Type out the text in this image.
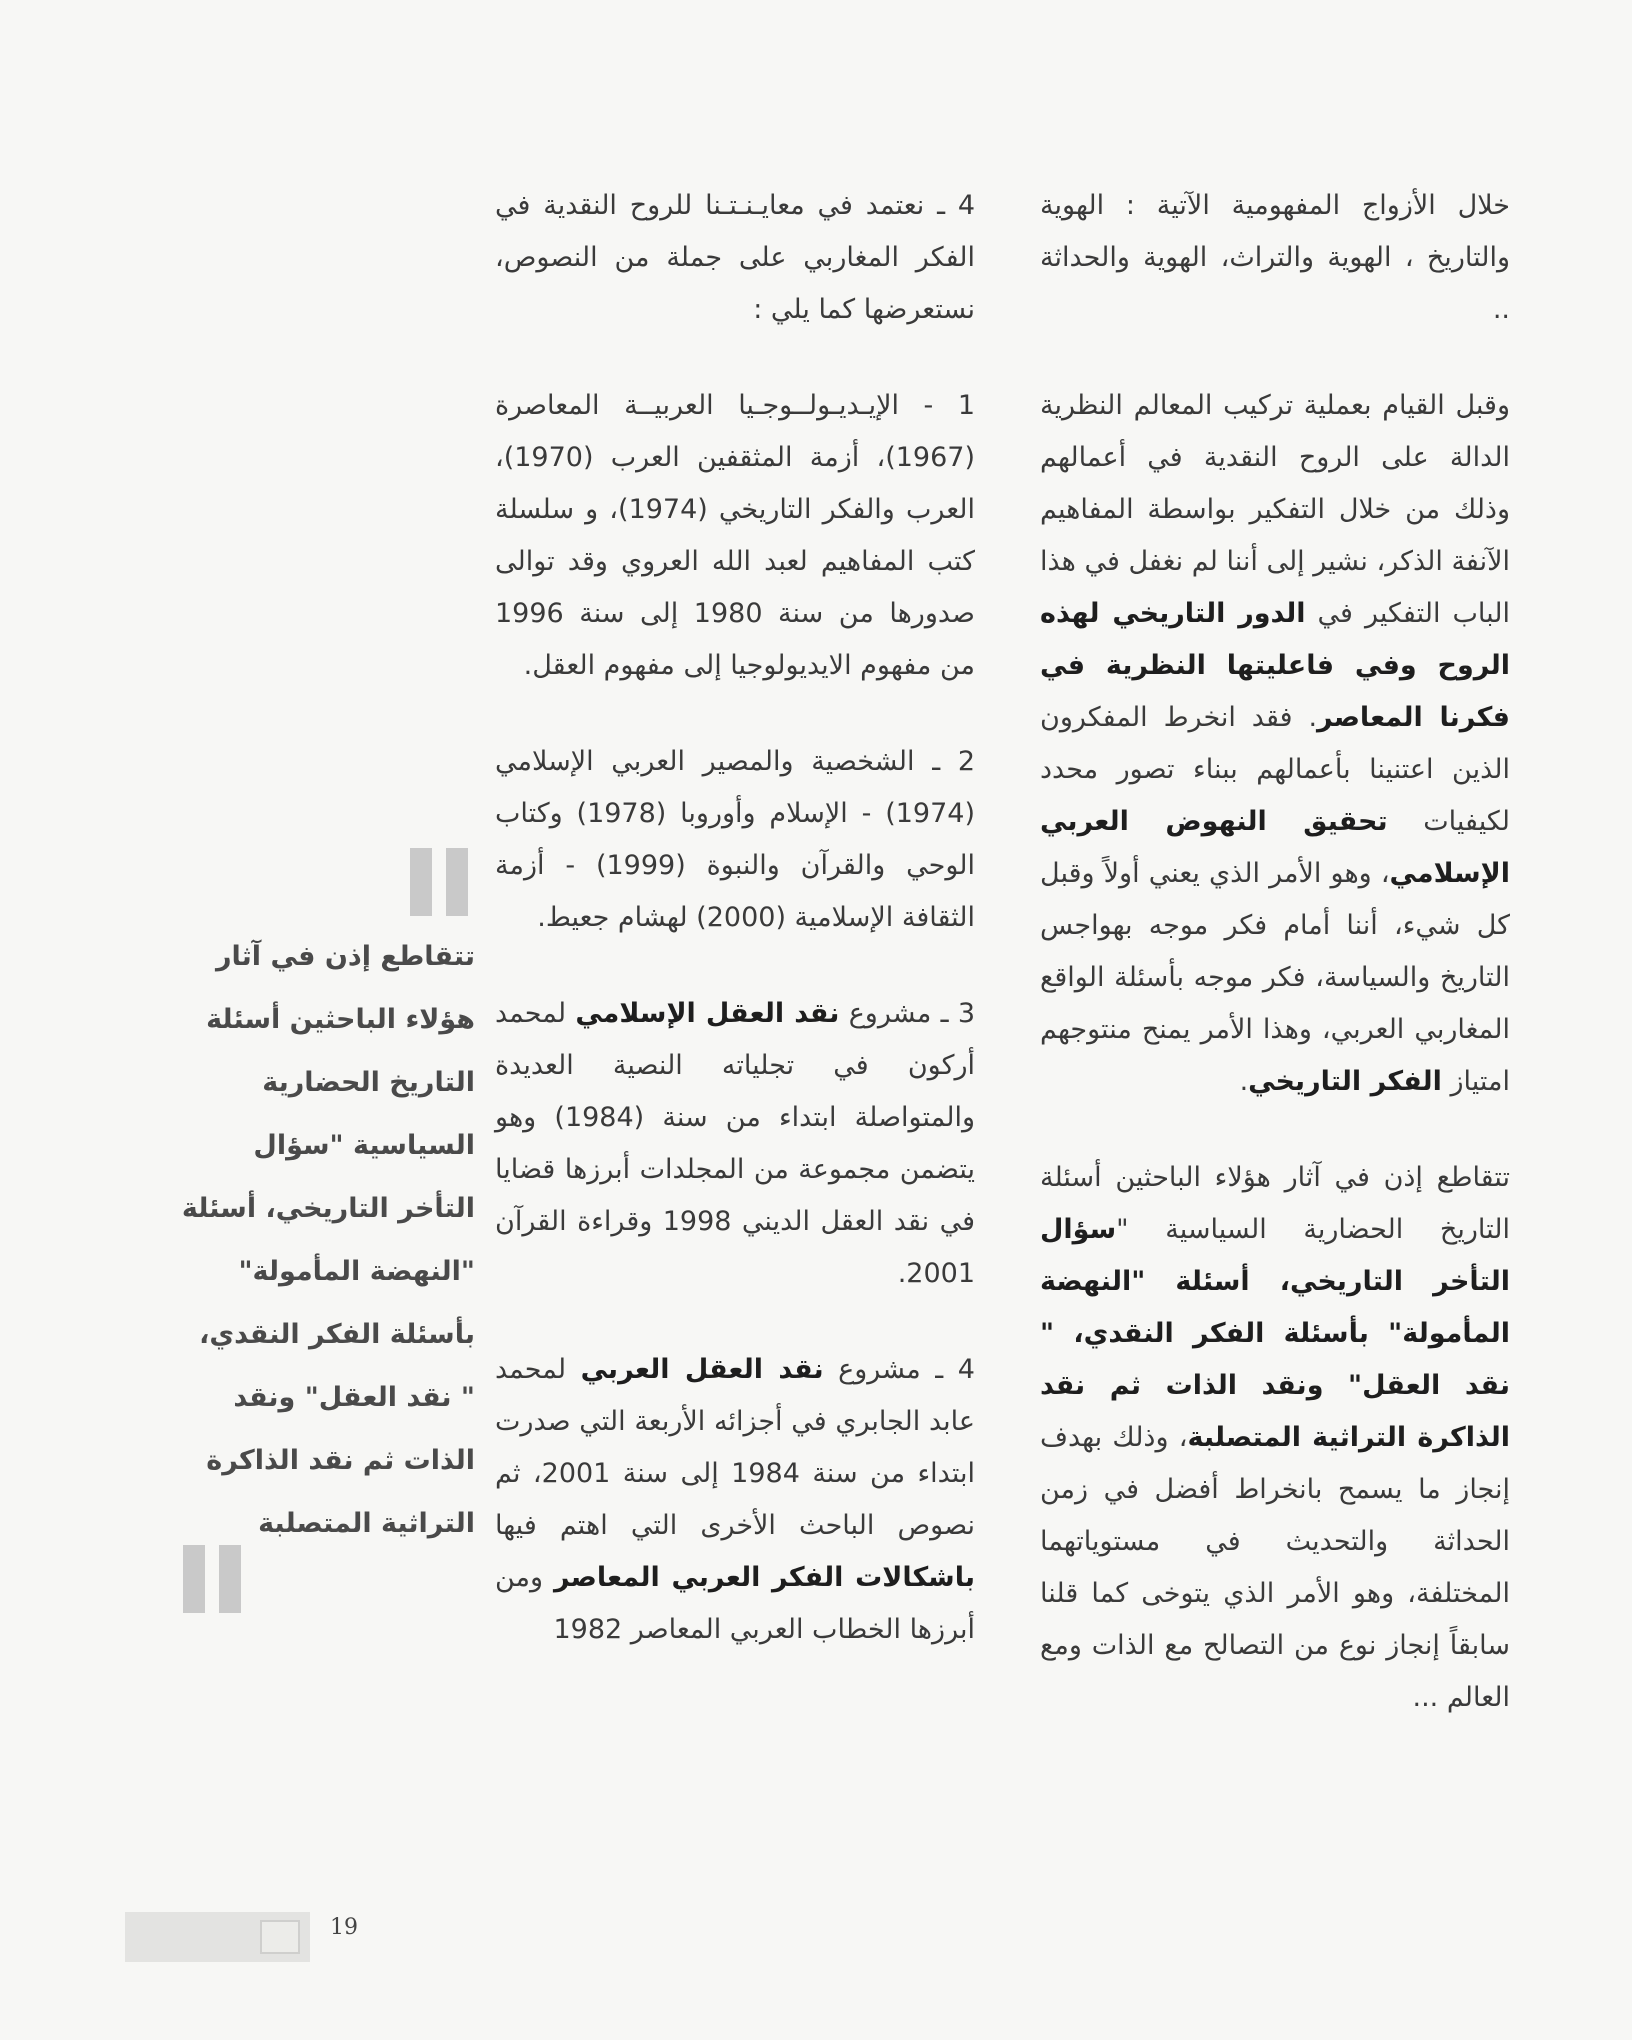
خلال الأزواج المفهومية الآتية : الهوية والتاريخ ، الهوية والتراث، الهوية والحداثة ..

وقبل القيام بعملية تركيب المعالم النظرية الدالة على الروح النقدية في أعمالهم وذلك من خلال التفكير بواسطة المفاهيم الآنفة الذكر، نشير إلى أننا لم نغفل في هذا الباب التفكير في الدور التاريخي لهذه الروح وفي فاعليتها النظرية في فكرنا المعاصر. فقد انخرط المفكرون الذين اعتنينا بأعمالهم ببناء تصور محدد لكيفيات تحقيق النهوض العربي الإسلامي، وهو الأمر الذي يعني أولاً وقبل كل شيء، أننا أمام فكر موجه بهواجس التاريخ والسياسة، فكر موجه بأسئلة الواقع المغاربي العربي، وهذا الأمر يمنح منتوجهم امتياز الفكر التاريخي.

تتقاطع إذن في آثار هؤلاء الباحثين أسئلة التاريخ الحضارية السياسية "سؤال التأخر التاريخي، أسئلة "النهضة المأمولة" بأسئلة الفكر النقدي، " نقد العقل" ونقد الذات ثم نقد الذاكرة التراثية المتصلبة، وذلك بهدف إنجاز ما يسمح بانخراط أفضل في زمن الحداثة والتحديث في مستوياتهما المختلفة، وهو الأمر الذي يتوخى كما قلنا سابقاً إنجاز نوع من التصالح مع الذات ومع العالم ...

4 ـ نعتمد في معايـنـتـنا للروح النقدية في الفكر المغاربي على جملة من النصوص، نستعرضها كما يلي :

1 - الإيـديـولــوجـيا العربيــة المعاصرة (1967)، أزمة المثقفين العرب (1970)، العرب والفكر التاريخي (1974)، و سلسلة كتب المفاهيم لعبد الله العروي وقد توالى صدورها من سنة 1980 إلى سنة 1996 من مفهوم الايديولوجيا إلى مفهوم العقل.

2 ـ الشخصية والمصير العربي الإسلامي (1974) - الإسلام وأوروبا (1978) وكتاب الوحي والقرآن والنبوة (1999) - أزمة الثقافة الإسلامية (2000) لهشام جعيط.

3 ـ مشروع نقد العقل الإسلامي لمحمد أركون في تجلياته النصية العديدة والمتواصلة ابتداء من سنة (1984) وهو يتضمن مجموعة من المجلدات أبرزها قضايا في نقد العقل الديني 1998 وقراءة القرآن 2001.

4 ـ مشروع نقد العقل العربي لمحمد عابد الجابري في أجزائه الأربعة التي صدرت ابتداء من سنة 1984 إلى سنة 2001، ثم نصوص الباحث الأخرى التي اهتم فيها باشكالات الفكر العربي المعاصر ومن أبرزها الخطاب العربي المعاصر 1982

تتقاطع إذن في آثار هؤلاء الباحثين أسئلة التاريخ الحضارية السياسية "سؤال التأخر التاريخي، أسئلة "النهضة المأمولة" بأسئلة الفكر النقدي، " نقد العقل" ونقد الذات ثم نقد الذاكرة التراثية المتصلبة
19
